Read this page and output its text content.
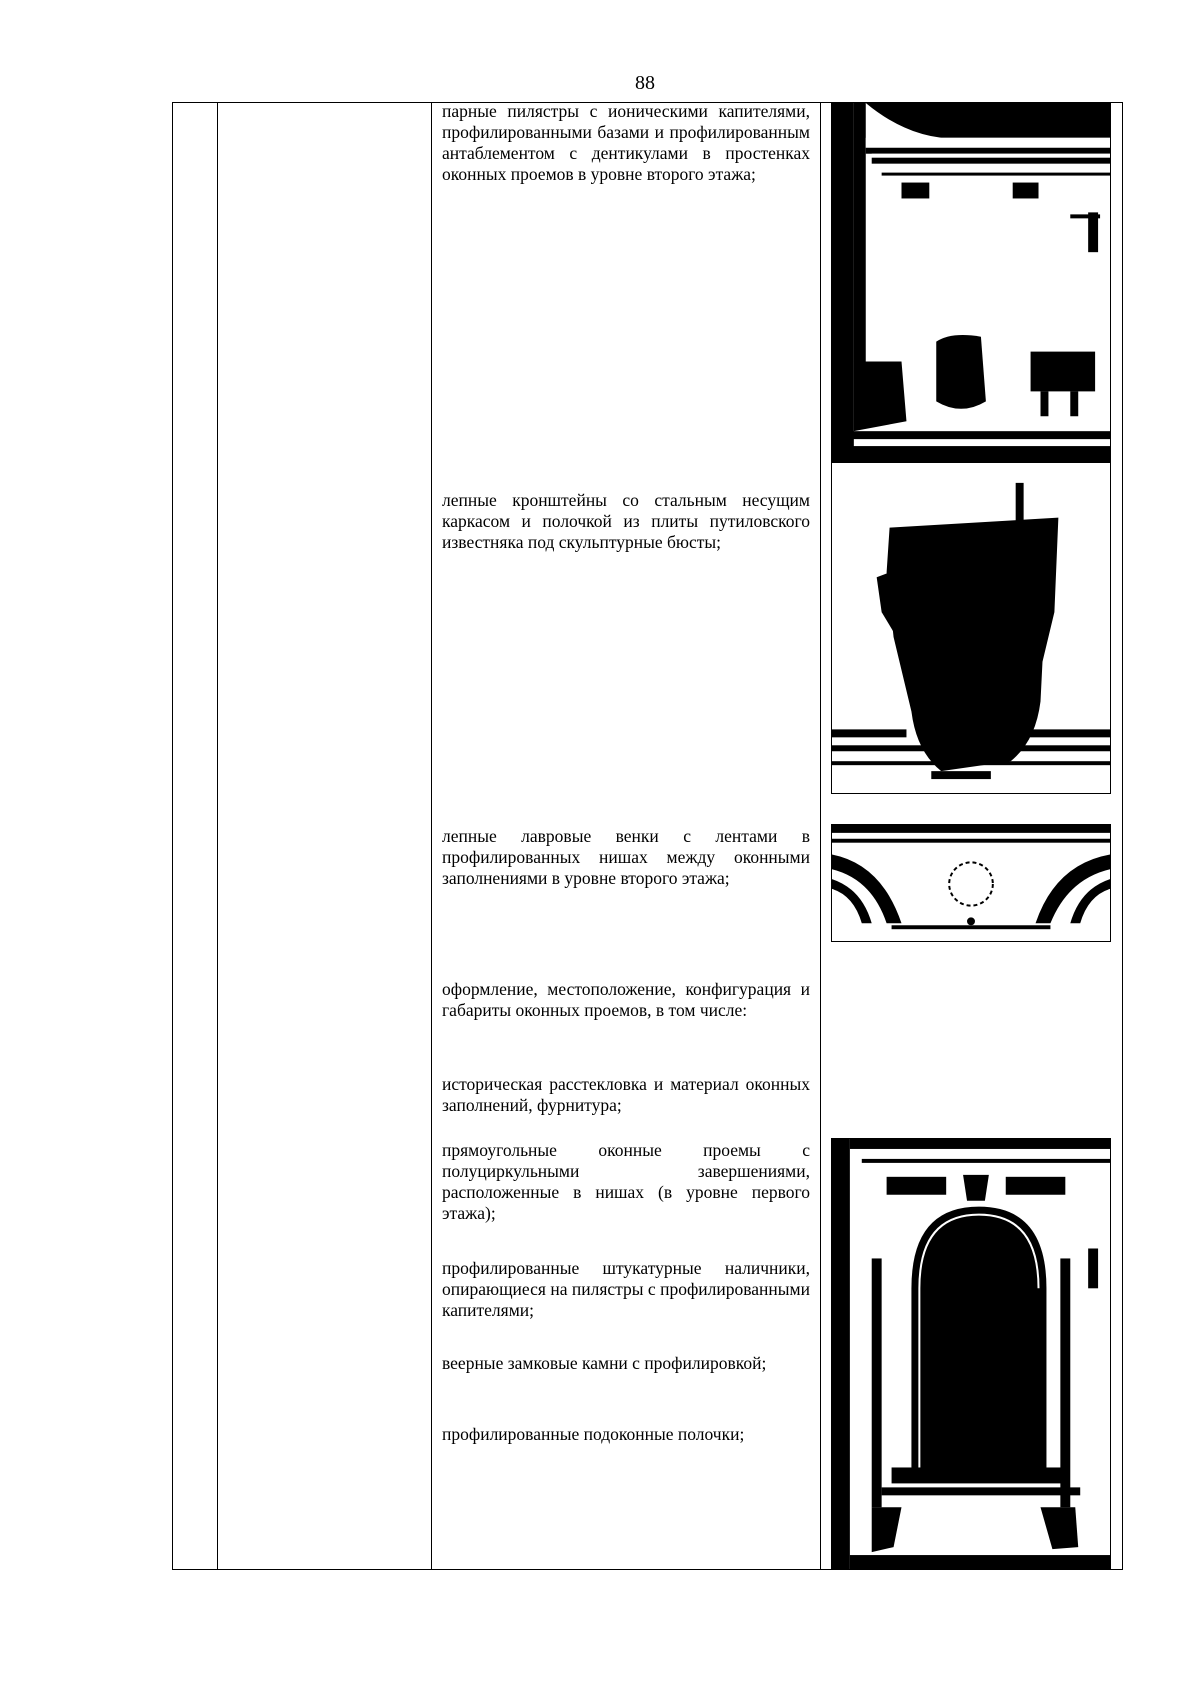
88
парные пилястры с ионическими капителями, профилированными базами и профилированным антаблементом с дентикулами в простенках оконных проемов в уровне второго этажа;
лепные кронштейны со стальным несущим каркасом и полочкой из плиты путиловского известняка под скульптурные бюсты;
лепные лавровые венки с лентами в профилированных нишах между оконными заполнениями в уровне второго этажа;
оформление, местоположение, конфигурация и габариты оконных проемов, в том числе:
историческая расстекловка и материал оконных заполнений, фурнитура;
прямоугольные оконные проемы с полуциркульными завершениями, расположенные в нишах (в уровне первого этажа);
профилированные штукатурные наличники, опирающиеся на пилястры с профилированными капителями;
веерные замковые камни с профилировкой;
профилированные подоконные полочки;
